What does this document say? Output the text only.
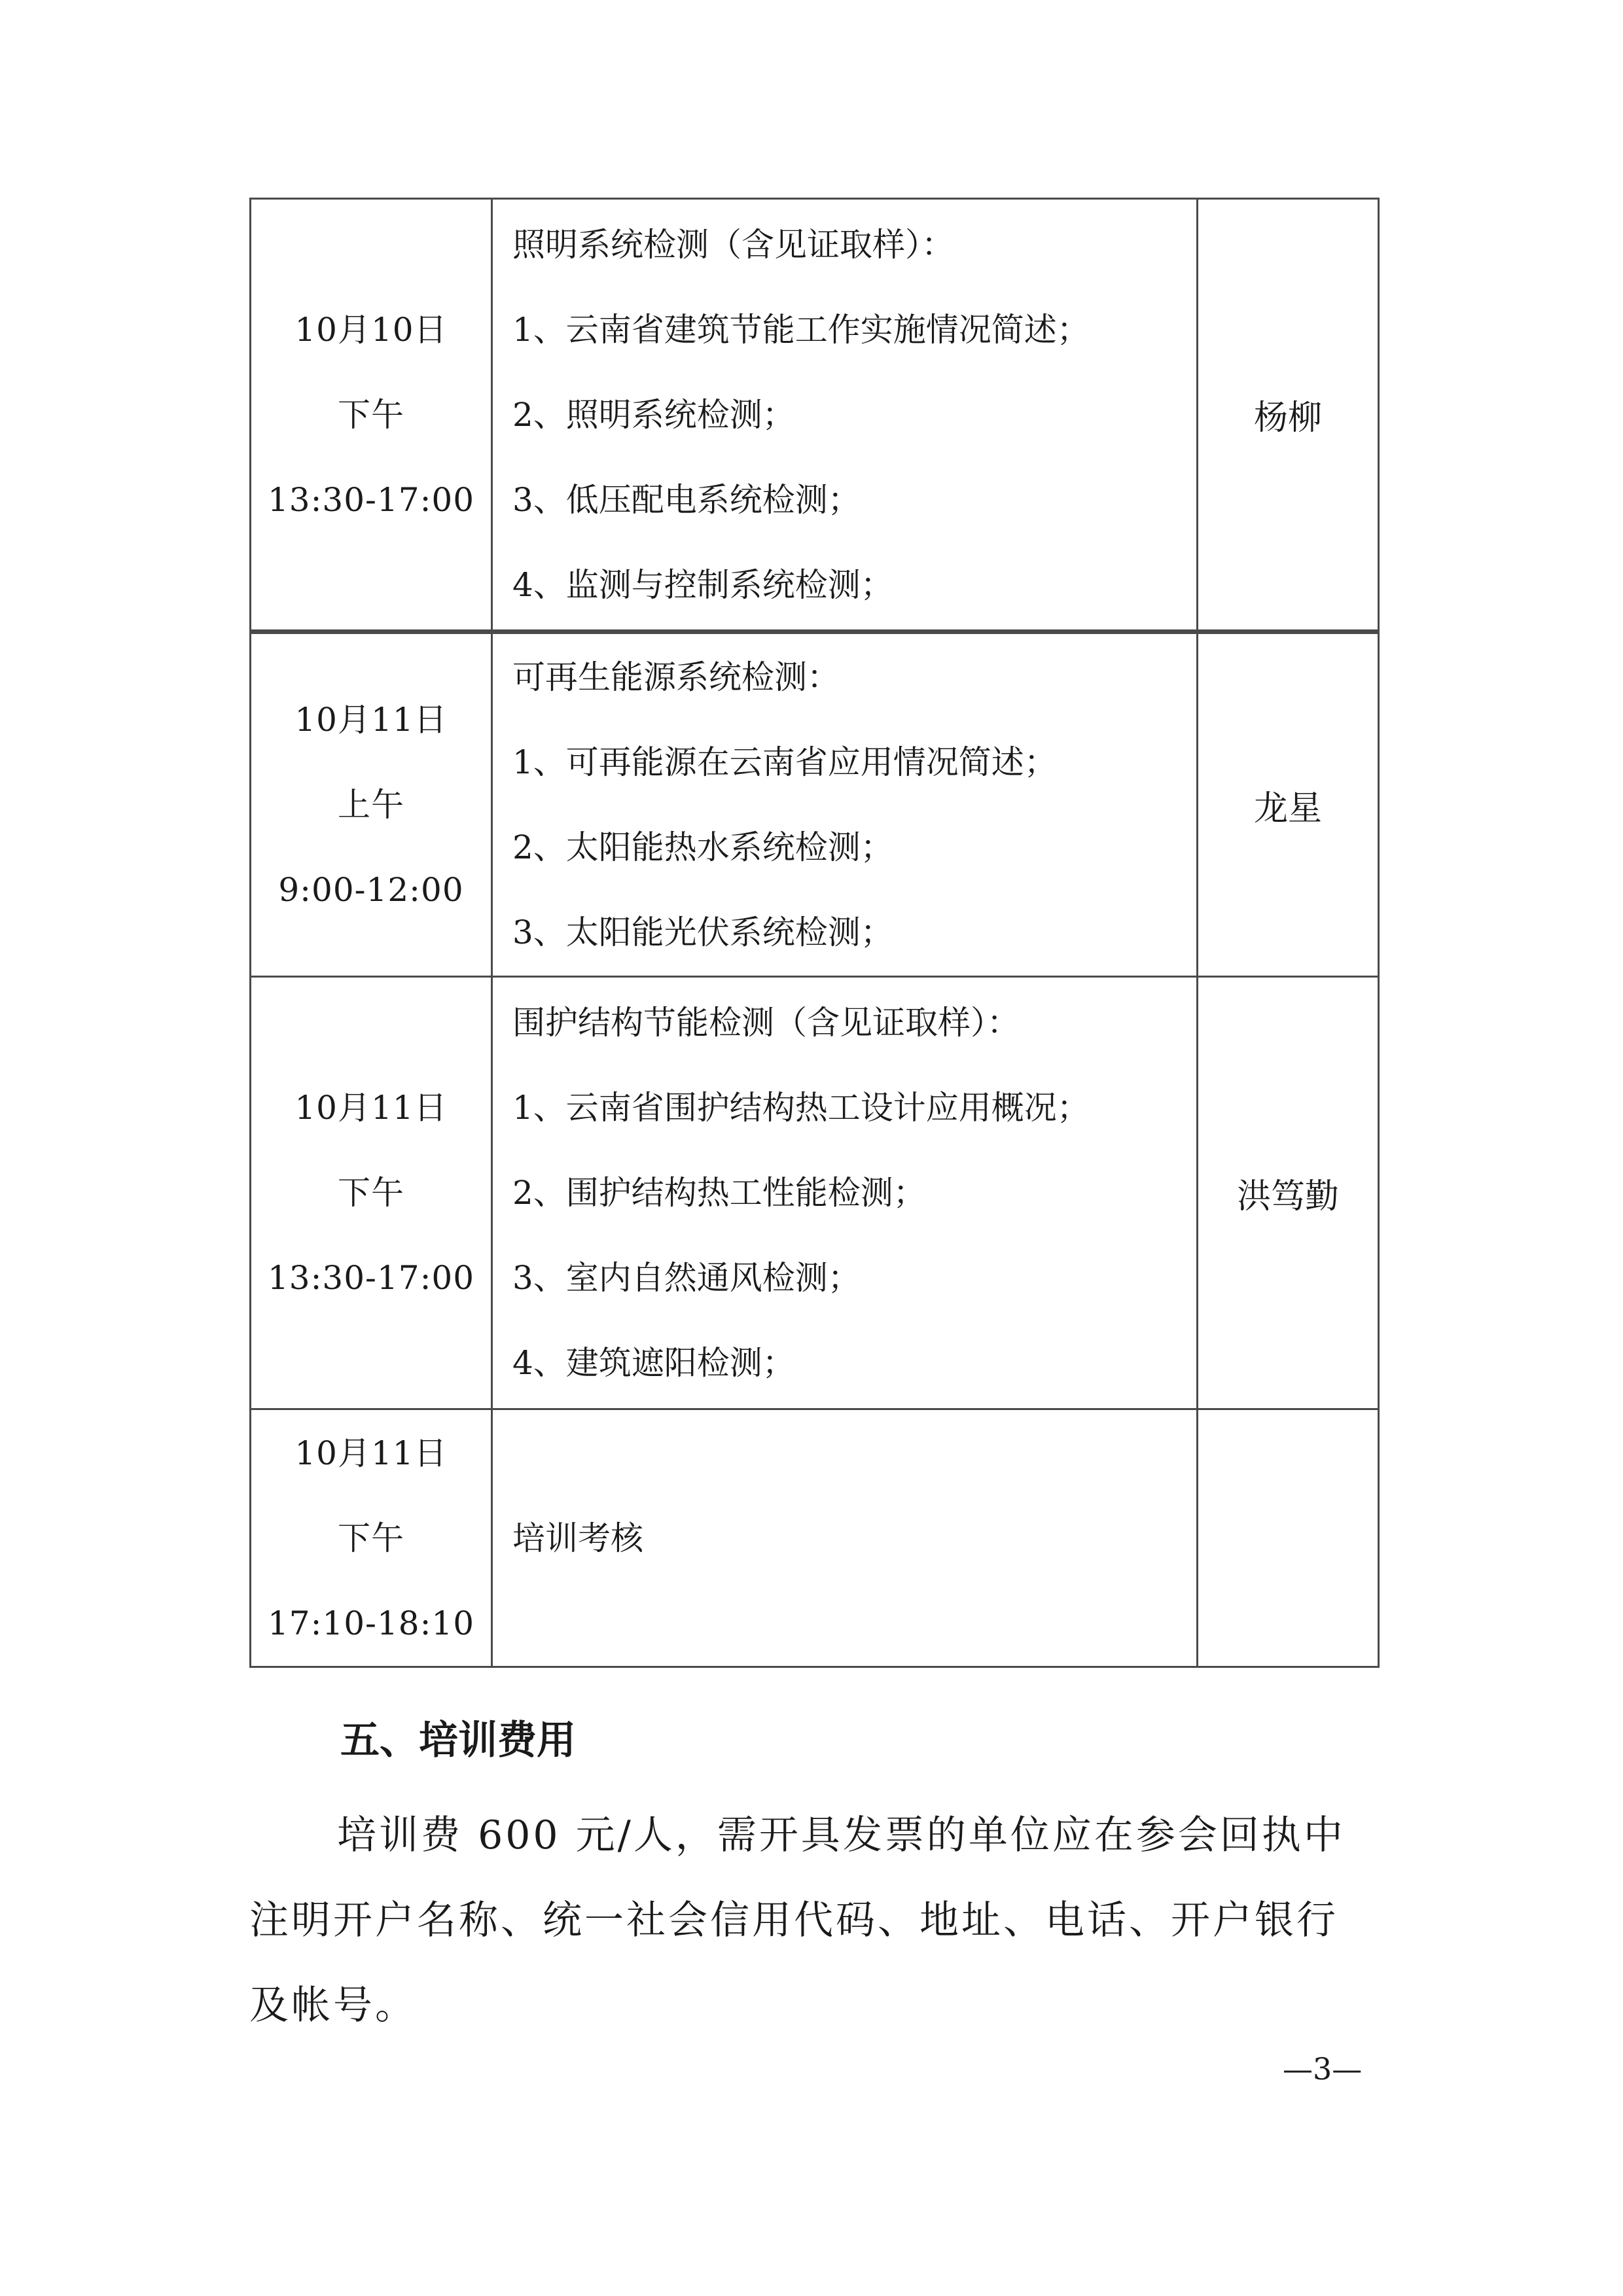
10月10日
下午
13:30-17:00	照明系统检测（含见证取样）：
1、云南省建筑节能工作实施情况简述；
2、照明系统检测；
3、低压配电系统检测；
4、监测与控制系统检测；	杨柳

10月11日
上午
9:00-12:00	可再生能源系统检测：
1、可再能源在云南省应用情况简述；
2、太阳能热水系统检测；
3、太阳能光伏系统检测；	龙星

10月11日
下午
13:30-17:00	围护结构节能检测（含见证取样）：
1、云南省围护结构热工设计应用概况；
2、围护结构热工性能检测；
3、室内自然通风检测；
4、建筑遮阳检测；	洪笃勤

10月11日
下午
17:10-18:10	培训考核	

五、培训费用

培训费 600 元/人，需开具发票的单位应在参会回执中注明开户名称、统一社会信用代码、地址、电话、开户银行及帐号。

—3—
